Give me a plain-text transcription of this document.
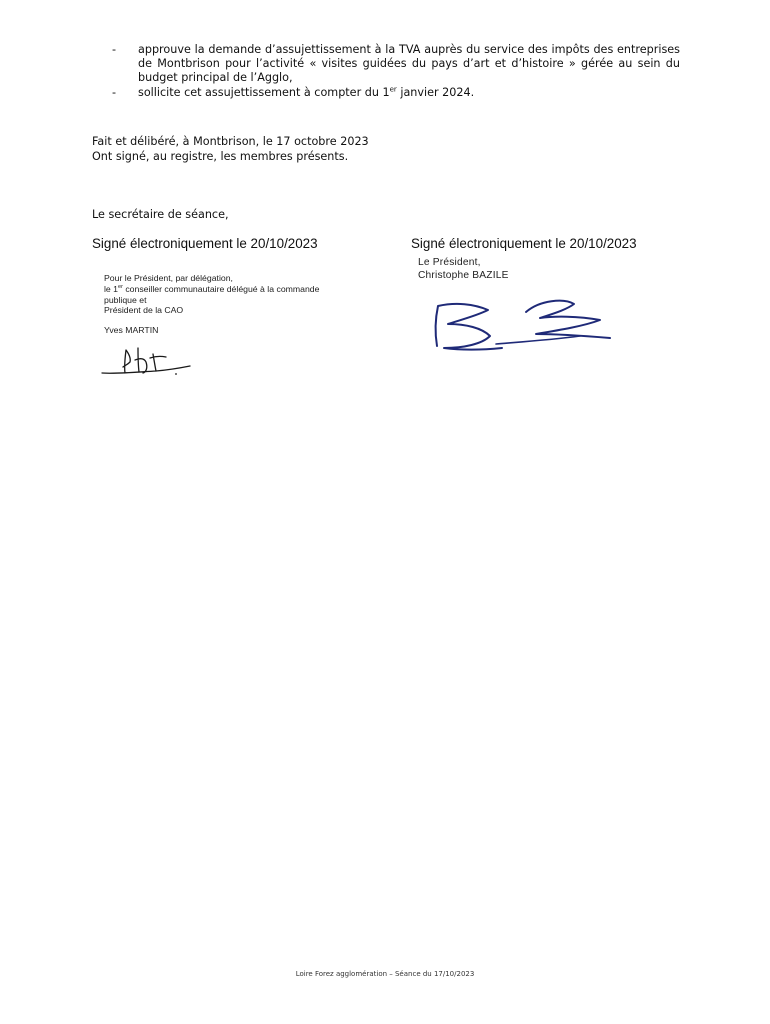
- approuve la demande d’assujettissement à la TVA auprès du service des impôts des entreprises de Montbrison pour l’activité « visites guidées du pays d’art et d’histoire » gérée au sein du budget principal de l’Agglo,
- sollicite cet assujettissement à compter du 1er janvier 2024.
Fait et délibéré, à Montbrison, le 17 octobre 2023
Ont signé, au registre, les membres présents.
Le secrétaire de séance,
Signé électroniquement le 20/10/2023	Signé électroniquement le 20/10/2023
Pour le Président, par délégation,
le 1er conseiller communautaire délégué à la commande
publique et
Président de la CAO
Yves MARTIN
Le Président,
Christophe BAZILE
Loire Forez agglomération – Séance du 17/10/2023
